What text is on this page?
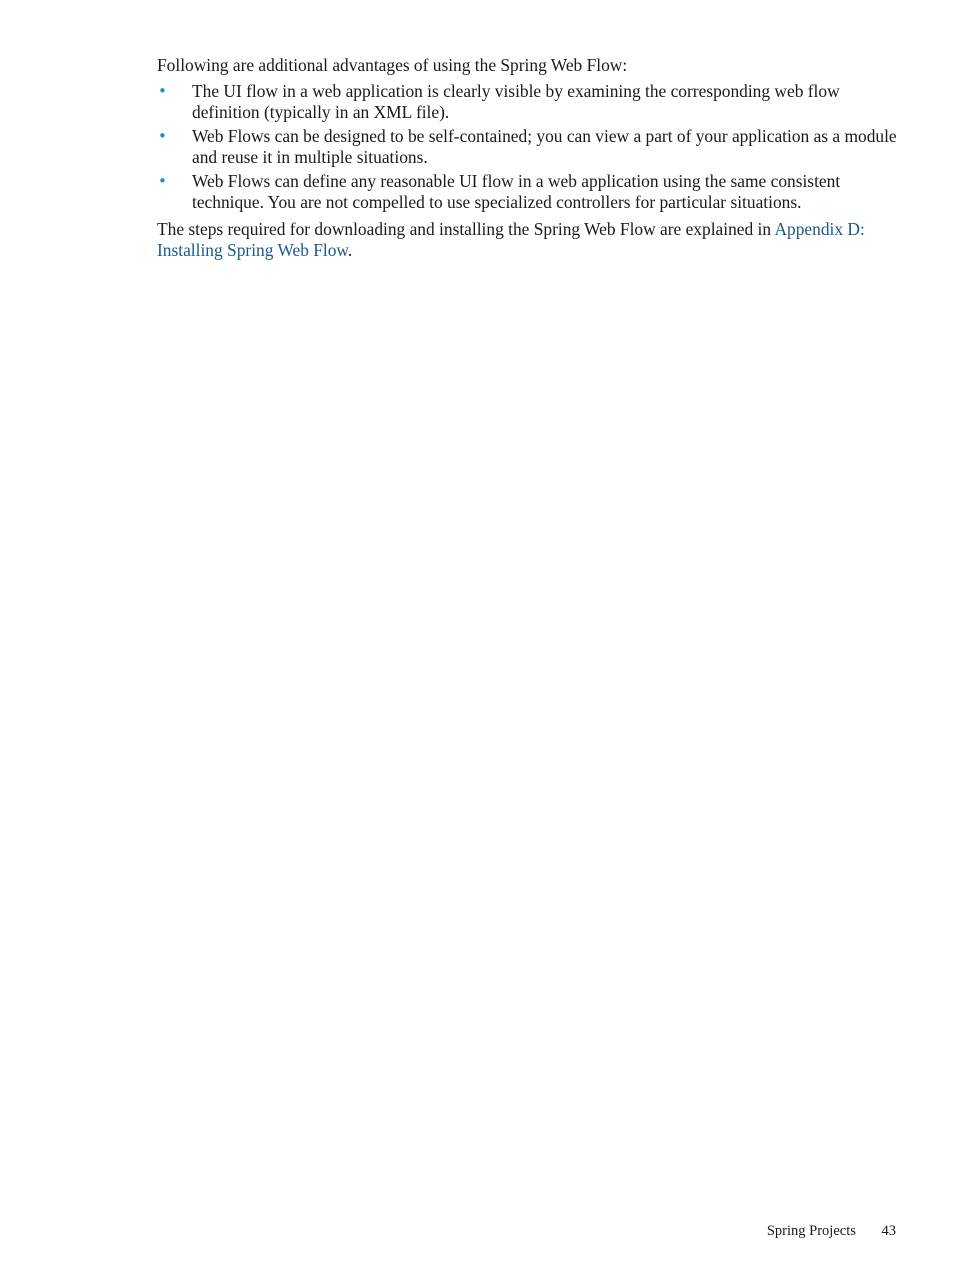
Following are additional advantages of using the Spring Web Flow:

• The UI flow in a web application is clearly visible by examining the corresponding web flow definition (typically in an XML file).
• Web Flows can be designed to be self-contained; you can view a part of your application as a module and reuse it in multiple situations.
• Web Flows can define any reasonable UI flow in a web application using the same consistent technique. You are not compelled to use specialized controllers for particular situations.

The steps required for downloading and installing the Spring Web Flow are explained in Appendix D: Installing Spring Web Flow.

Spring Projects 43
